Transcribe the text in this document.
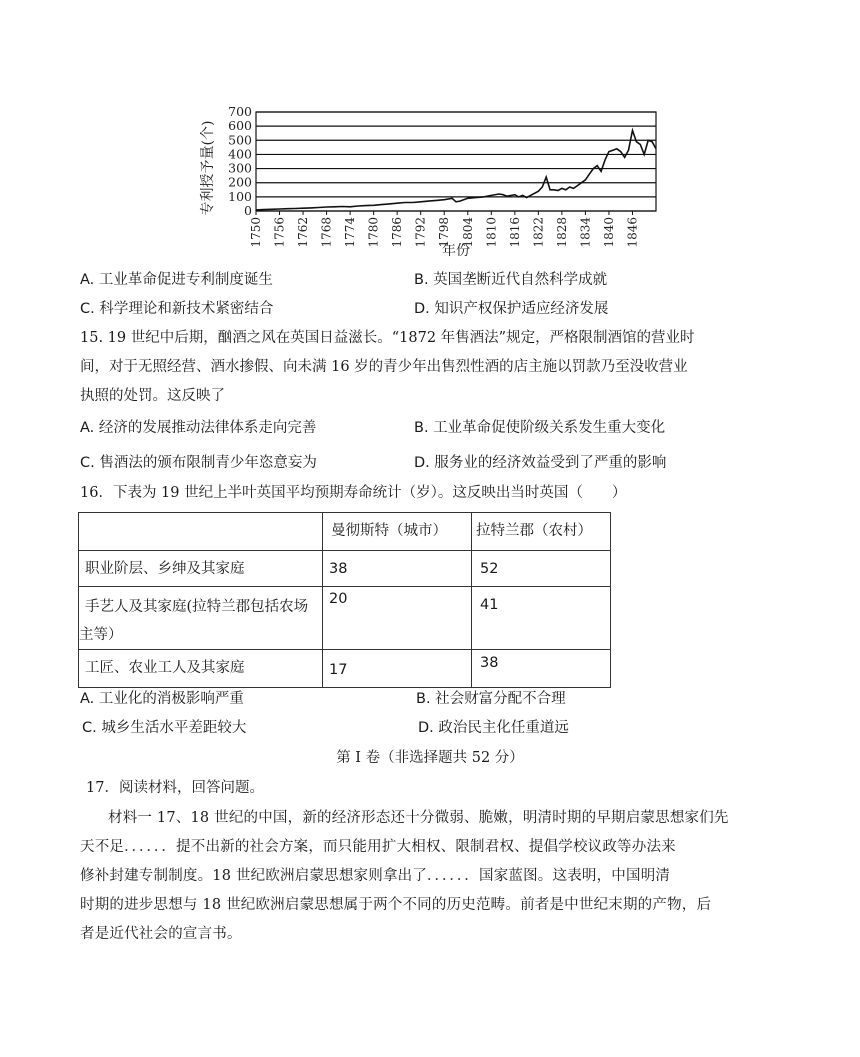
专利授予量(个) 0
100
200
300
400
500
600
700
1750 1756 1762 1768 1774 1780 1786 1792 1798 1804 1810 1816 1822 1828 1834 1840 1846
年份
A. 工业革命促进专利制度诞生	B. 英国垄断近代自然科学成就
C. 科学理论和新技术紧密结合	D. 知识产权保护适应经济发展
15. 19 世纪中后期，酗酒之风在英国日益滋长。“1872 年售酒法”规定，严格限制酒馆的营业时
间，对于无照经营、酒水掺假、向未满 16 岁的青少年出售烈性酒的店主施以罚款乃至没收营业
执照的处罚。这反映了
A. 经济的发展推动法律体系走向完善	B. 工业革命促使阶级关系发生重大变化
C. 售酒法的颁布限制青少年恣意妄为	D. 服务业的经济效益受到了严重的影响
16．下表为 19 世纪上半叶英国平均预期寿命统计（岁）。这反映出当时英国（　　）
	曼彻斯特（城市）	拉特兰郡（农村）
职业阶层、乡绅及其家庭	38	52
手艺人及其家庭(拉特兰郡包括农场
主等）	20	41
工匠、农业工人及其家庭	17	38
A. 工业化的消极影响严重	B. 社会财富分配不合理
C. 城乡生活水平差距较大	D. 政治民主化任重道远
第 I 卷（非选择题共 52 分）
17．阅读材料，回答问题。
材料一 17、18 世纪的中国，新的经济形态还十分微弱、脆嫩，明清时期的早期启蒙思想家们先
天不足．．．．．．提不出新的社会方案，而只能用扩大相权、限制君权、提倡学校议政等办法来
修补封建专制制度。18 世纪欧洲启蒙思想家则拿出了．．．．．．国家蓝图。这表明，中国明清
时期的进步思想与 18 世纪欧洲启蒙思想属于两个不同的历史范畴。前者是中世纪末期的产物，后
者是近代社会的宣言书。
